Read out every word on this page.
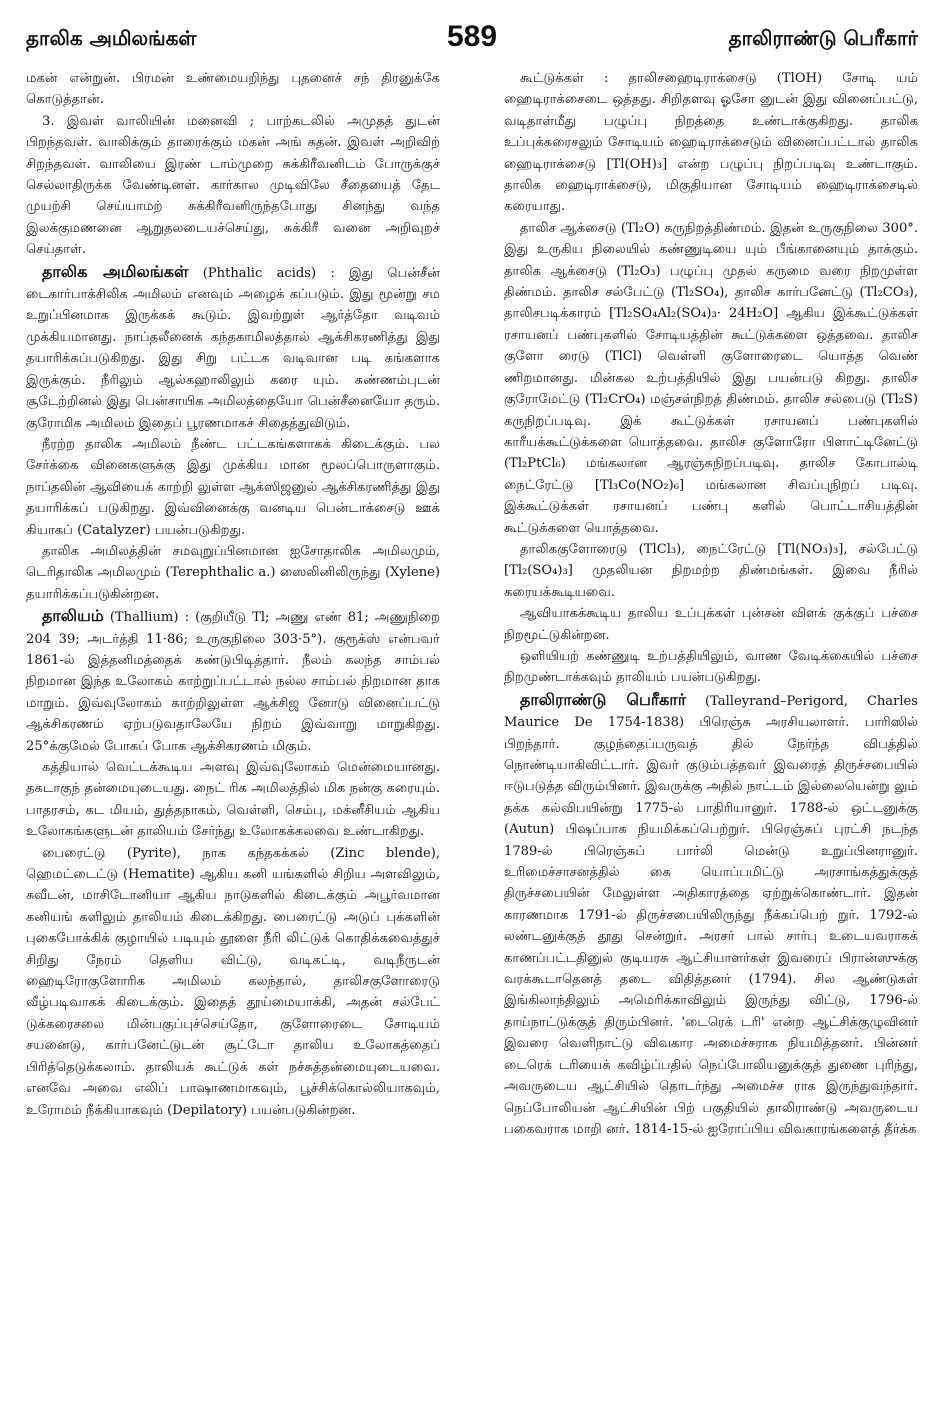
தாலிக அமிலங்கள்	589	தாலிராண்டு பெரீகார்

மகன் என்றுன். பிரமன் உண்மையறிந்து புதனைச் சந் திரனுக்கே கொடுத்தான்.

3. இவள் வாலியின் மனைவி ; பாற்கடலில் அமுதத் துடன் பிறந்தவள். வாலிக்கும் தாரைக்கும் மகன் அங் கதன். இவள் அறிவிற் சிறந்தவள். வாலியை இரண் டாம்முறை சுக்கிரீவனிடம் போருக்குச் செல்லாதிருக்க வேண்டினள். கார்கால முடிவிலே சீதையைத் தேட முயற்சி செய்யாமற் சுக்கிரீவனிருந்தபோது சினந்து வந்த இலக்குமணனை ஆறுதலடையச்செய்து, சுக்கிரீ வனை அறிவுறச் செய்தாள்.

தாலிக அமிலங்கள் (Phthalic acids) : இது பென்சீன் டைகார்பாக்சிலிக அமிலம் எனவும் அழைக் கப்படும். இது மூன்று சம உறுப்பினமாக இருக்கக் கூடும். இவற்றுள் ஆர்த்தோ வடிவம் முக்கியமானது. நாப்தலீனைக் கந்தகாமிலத்தால் ஆக்சிகரணித்து இது தயாரிக்கப்படுகிறது. இது சிறு பட்டக வடிவான படி கங்களாக இருக்கும். நீரிலும் ஆல்கஹாலிலும் கரை யும். சுண்ணம்புடன் சூடேற்றினல் இது பென்சாயிக அமிலத்தையோ பென்சீனையோ தரும். குரோமிக அமிலம் இதைப் பூரணமாகச் சிதைத்துவிடும்.

நீரற்ற தாலிக அமிலம் நீண்ட பட்டகங்களாகக் கிடைக்கும். பல சேர்க்கை வினைகளுக்கு இது முக்கிய மான மூலப்பொருளாகும். நாப்தலின் ஆவியைக் காற்றி லுள்ள ஆக்ஸிஜனுல் ஆக்சிகரணித்து இது தயாரிக்கப் படுகிறது. இவ்வினைக்கு வனடிய பென்டாக்சைடு ஊக் கியாகப் (Catalyzer) பயன்படுகிறது.

தாலிக அமிலத்தின் சமவுறுப்பினமான ஐசோதாலிக அமிலமும், டெரிதாலிக அமிலமும் (Terephthalic a.) ஸைலினிலிருந்து (Xylene) தயாரிக்கப்படுகின்றன.

தாலியம் (Thallium) : (குறியீடு Tl; அணு எண் 81; அணுநிறை 204 39; அடர்த்தி 11·86; உருகுநிலை 303·5°). குரூக்ஸ் என்பவர் 1861-ல் இத்தனிமத்தைக் கண்டுபிடித்தார். நீலம் கலந்த சாம்பல் நிறமான இந்த உலோகம் காற்றுப்பட்டால் நல்ல சாம்பல் நிறமான தாக மாறும். இவ்வுலோகம் காற்றிலுள்ள ஆக்சிஜ னோடு வினைப்பட்டு ஆக்சிகரணம் ஏற்படுவதாலேயே நிறம் இவ்வாறு மாறுகிறது. 25°க்குமேல் போகப் போக ஆக்சிகரணம் மிகும்.

கத்தியால் வெட்டக்கூடிய அளவு இவ்வுலோகம் மென்மையானது. தகடாகுந் தன்மையுடையது. நைட் ரிக அமிலத்தில் மிக நன்கு கரையும். பாதரசம், கட மியம், துத்தநாகம், வெள்ளி, செம்பு, மக்னீசியம் ஆகிய உலோகங்களுடன் தாலியம் சேர்ந்து உலோகக்கலவை உண்டாகிறது.

பைரைட்டு (Pyrite), நாக கந்தகக்கல் (Zinc blende), ஹெமட்டைட்டு (Hematite) ஆகிய கனி யங்களில் சிறிய அளவிலும், சுவீடன், மாசிடோனியா ஆகிய நாடுகளில் கிடைக்கும் அபூர்வமான கனியங் களிலும் தாலியம் கிடைக்கிறது. பைரைட்டு அடுப் புக்களின் புகைபோக்கிக் குழாயில் படியும் தூளை நீரி லிட்டுக் கொதிக்கவைத்துச் சிறிது நேரம் தெளிய விட்டு, வடிகட்டி, வடிநீருடன் ஹைடிரோகுளோரிக அமிலம் கலந்தால், தாலிசகுளோரைடு வீழ்படிவாகக் கிடைக்கும். இதைத் தூய்மையாக்கி, அதன் சல்பேட் டுக்கரைசலை மின்பகுப்புச்செய்தோ, குளோரைடை சோடியம் சயனைடு, கார்பனேட்டுடன் சூட்டோ தாலிய உலோகத்தைப் பிரித்தெடுக்கலாம். தாலியக் கூட்டுக் கள் நச்சுத்தன்மையுடையவை. எனவே அவை எலிப் பாஷாணமாகவும், பூச்சிக்கொல்லியாகவும், உரோமம் நீக்கியாகவும் (Depilatory) பயன்படுகின்றன.

கூட்டுக்கள் : தாலிசஹைடிராக்சைடு (TlOH) சோடி யம் ஹைடிராக்சைடை ஒத்தது. சிறிதளவு ஓசோ னுடன் இது வினைப்பட்டு, வடிதாள்மீது பழுப்பு நிறத்தை உண்டாக்குகிறது. தாலிக உப்புக்கரைசலும் சோடியம் ஹைடிராக்சைடும் வினைப்பட்டால் தாலிக ஹைடிராக்சைடு [Tl(OH)₃] என்ற பழுப்பு நிறப்படிவு உண்டாகும். தாலிக ஹைடிராக்சைடு, மிகுதியான சோடியம் ஹைடிராக்சைடில் கரையாது.

தாலிச ஆக்சைடு (Tl₂O) கருநிறத்திண்மம். இதன் உருகுநிலை 300°. இது உருகிய நிலையில் கண்ணுடியை யும் பீங்கானையும் தாக்கும். தாலிக ஆக்சைடு (Tl₂O₃) பழுப்பு முதல் கருமை வரை நிறமுள்ள திண்மம். தாலிச சல்பேட்டு (Tl₂SO₄), தாலிச கார்பனேட்டு (Tl₂CO₃), தாலிசபடிக்காரம் [Tl₂SO₄Al₂(SO₄)₃· 24H₂O] ஆகிய இக்கூட்டுக்கள் ரசாயனப் பண்புகளில் சோடியத்தின் கூட்டுக்களை ஒத்தவை. தாலிச குளோ ரைடு (TlCl) வெள்ளி குளோரைடை யொத்த வெண் ணிறமானது. மின்கல உற்பத்தியில் இது பயன்படு கிறது. தாலிச குரோமேட்டு (Tl₂CrO₄) மஞ்சள்நிறத் திண்மம். தாலிச சல்பைடு (Tl₂S) கருநிறப்படிவு. இக் கூட்டுக்கள் ரசாயனப் பண்புகளில் காரீயக்கூட்டுக்களை யொத்தவை. தாலிச குளோரோ பிளாட்டினேட்டு (Tl₂PtCl₆) மங்கலான ஆரஞ்சுநிறப்படிவு. தாலிச கோபால்டி நைட்ரேட்டு [Tl₃Co(NO₂)₆] மங்கலான சிவப்புநிறப் படிவு. இக்கூட்டுக்கள் ரசாயனப் பண்பு களில் பொட்டாசியத்தின் கூட்டுக்களை யொத்தவை.

தாலிககுளோரைடு (TlCl₃), நைட்ரேட்டு [Tl(NO₃)₃], சல்பேட்டு [Tl₂(SO₄)₃] முதலியன நிறமற்ற திண்மங்கள். இவை நீரில் கரையக்கூடியவை.

ஆவியாகக்கூடிய தாலிய உப்புக்கள் புன்சன் விளக் குக்குப் பச்சை நிறமூட்டுகின்றன.

ஒளியியற் கண்ணுடி உற்பத்தியிலும், வாண வேடிக்கையில் பச்சை நிறமுண்டாக்கவும் தாலியம் பயன்படுகிறது.

தாலிராண்டு பெரீகார் (Talleyrand–Perigord, Charles Maurice De 1754-1838) பிரெஞ்சு அரசியலாளர். பாரிஸில் பிறந்தார். குழந்தைப்பருவத் தில் நேர்ந்த விபத்தில் நொண்டியாகிவிட்டார். இவர் குடும்பத்தவர் இவரைத் திருச்சபையில் ஈடுபடுத்த விரும்பினர். இவருக்கு அதில் நாட்டம் இல்லையென்று லும் தக்க கல்விபயின்று 1775-ல் பாதிரியானுர். 1788-ல் ஒட்டனுக்கு (Autun) பிஷப்பாக நியமிக்கப்பெற்றுர். பிரெஞ்சுப் புரட்சி நடந்த 1789-ல் பிரெஞ்சுப் பார்லி மென்டு உறுப்பினரானுர். உரிமைச்சாசனத்தில் கை யொப்பமிட்டு அரசாங்கத்துக்குத் திருச்சபையின் மேலுள்ள அதிகாரத்தை ஏற்றுக்கொண்டார். இதன் காரணமாக 1791-ல் திருச்சபையிலிருந்து நீக்கப்பெற் றுர். 1792-ல் லண்டனுக்குத் தூது சென்றுர். அரசர் பால் சார்பு உடையவராகக் காணப்பட்டதினுல் குடியரசு ஆட்சியாளர்கள் இவரைப் பிரான்ஸுக்கு வரக்கூடாதெனத் தடை விதித்தனர் (1794). சில ஆண்டுகள் இங்கிலாந்திலும் அமெரிக்காவிலும் இருந்து விட்டு, 1796-ல் தாய்நாட்டுக்குத் திரும்பினர். 'டைரெக் டரி' என்ற ஆட்சிக்குழுவினர் இவரை வெளிநாட்டு விவகார அமைச்சராக நியமித்தனர். பின்னர் டைரெக் டரியைக் கவிழ்ப்பதில் நெப்போலியனுக்குத் துணை புரிந்து, அவருடைய ஆட்சியில் தொடர்ந்து அமைச்ச ராக இருந்துவந்தார். நெப்போலியன் ஆட்சியின் பிற் பகுதியில் தாலிராண்டு அவருடைய பகைவராக மாறி னர். 1814-15-ல் ஐரோப்பிய விவகாரங்களைத் தீர்க்க
